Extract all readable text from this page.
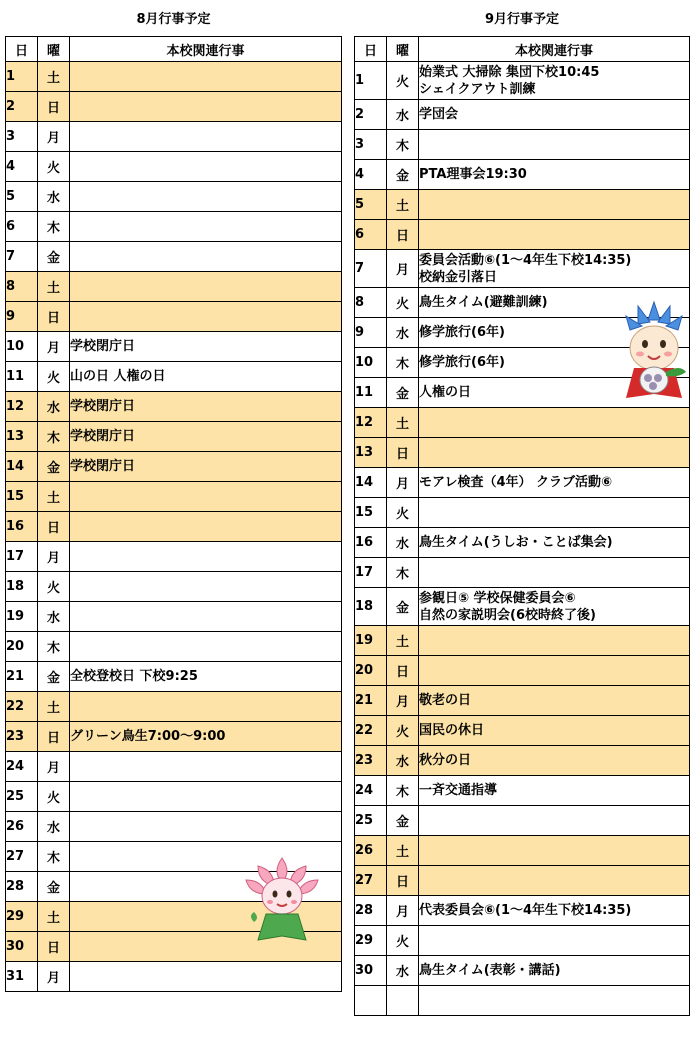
8月行事予定	9月行事予定
日	曜	本校関連行事
1	土	
2	日	
3	月	
4	火	
5	水	
6	木	
7	金	
8	土	
9	日	
10	月	学校閉庁日
11	火	山の日 人権の日
12	水	学校閉庁日
13	木	学校閉庁日
14	金	学校閉庁日
15	土	
16	日	
17	月	
18	火	
19	水	
20	木	
21	金	全校登校日 下校9:25
22	土	
23	日	グリーン鳥生7:00～9:00
24	月	
25	火	
26	水	
27	木	
28	金	
29	土	
30	日	
31	月	
日	曜	本校関連行事
1	火	始業式 大掃除 集団下校10:45
シェイクアウト訓練
2	水	学団会
3	木	
4	金	PTA理事会19:30
5	土	
6	日	
7	月	委員会活動⑥(1～4年生下校14:35)
校納金引落日
8	火	鳥生タイム(避難訓練)
9	水	修学旅行(6年)
10	木	修学旅行(6年)
11	金	人権の日
12	土	
13	日	
14	月	モアレ検査（4年） クラブ活動⑥
15	火	
16	水	鳥生タイム(うしお・ことば集会)
17	木	
18	金	参観日⑤ 学校保健委員会⑥
自然の家説明会(6校時終了後)
19	土	
20	日	
21	月	敬老の日
22	火	国民の休日
23	水	秋分の日
24	木	一斉交通指導
25	金	
26	土	
27	日	
28	月	代表委員会⑥(1～4年生下校14:35)
29	火	
30	水	鳥生タイム(表彰・講話)
